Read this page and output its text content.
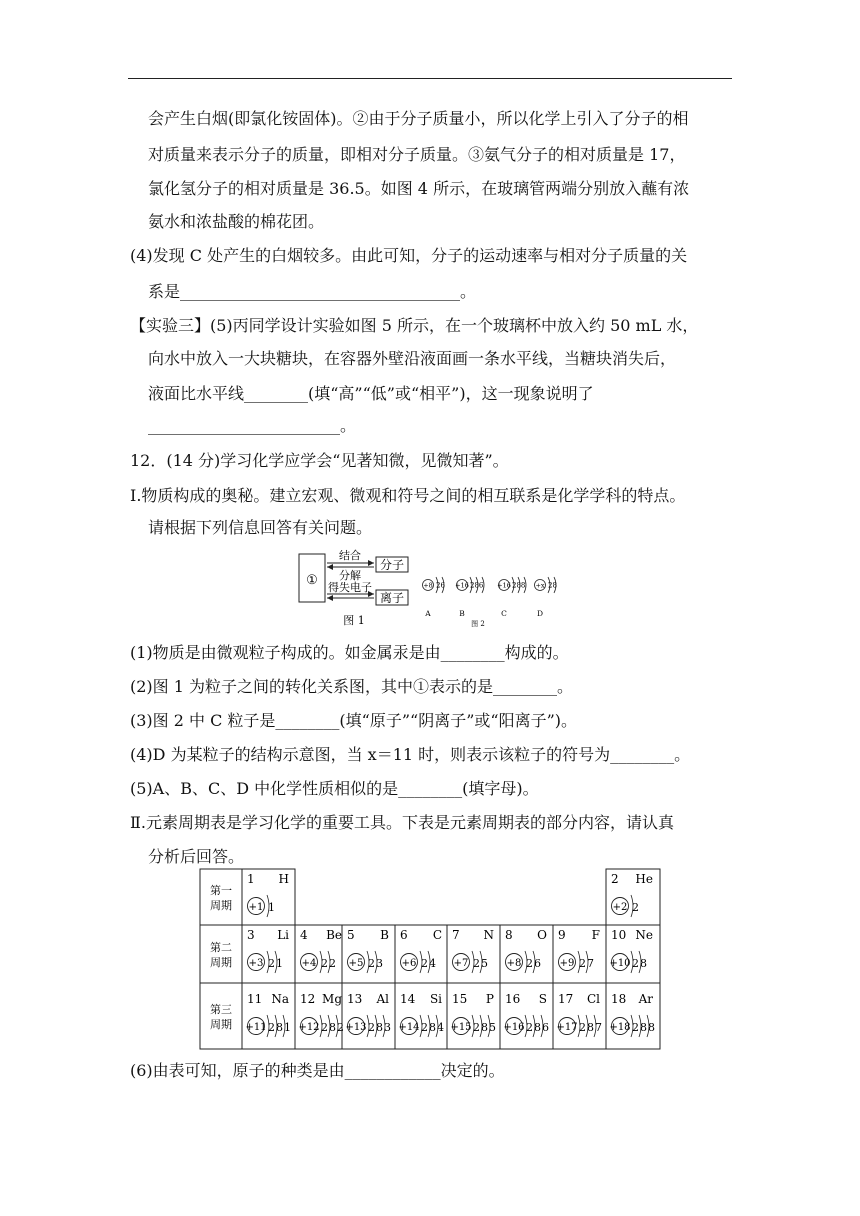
会产生白烟(即氯化铵固体)。②由于分子质量小，所以化学上引入了分子的相
对质量来表示分子的质量，即相对分子质量。③氨气分子的相对质量是 17，
氯化氢分子的相对质量是 36.5。如图 4 所示，在玻璃管两端分别放入蘸有浓
氨水和浓盐酸的棉花团。
(4)发现 C 处产生的白烟较多。由此可知，分子的运动速率与相对分子质量的关
系是___________________________________。
【实验三】(5)丙同学设计实验如图 5 所示，在一个玻璃杯中放入约 50 mL 水，
向水中放入一大块糖块，在容器外壁沿液面画一条水平线，当糖块消失后，
液面比水平线________(填“高”“低”或“相平”)，这一现象说明了
________________________。
12．(14 分)学习化学应学会“见著知微，见微知著”。
Ⅰ.物质构成的奥秘。建立宏观、微观和符号之间的相互联系是化学学科的特点。
请根据下列信息回答有关问题。
①
分子
离子
结合
分解
得失电子
图 1
+8 26
A
+16 286
B
+16 288
C
+x 28
D
图 2
(1)物质是由微观粒子构成的。如金属汞是由________构成的。
(2)图 1 为粒子之间的转化关系图，其中①表示的是________。
(3)图 2 中 C 粒子是________(填“原子”“阴离子”或“阳离子”)。
(4)D 为某粒子的结构示意图，当 x＝11 时，则表示该粒子的符号为________。
(5)A、B、C、D 中化学性质相似的是________(填字母)。
Ⅱ.元素周期表是学习化学的重要工具。下表是元素周期表的部分内容，请认真
分析后回答。
第一
周期
第二
周期
第三
周期
1 H
+1 1
2 He
+2 2
3 Li
+3 21
4 Be
+4 22
5 B
+5 23
6 C
+6 24
7 N
+7 25
8 O
+8 26
9 F
+9 27
10 Ne
+10 28
11 Na
+11 281
12 Mg
+12 282
13 Al
+13 283
14 Si
+14 284
15 P
+15 285
16 S
+16 286
17 Cl
+17 287
18 Ar
+18 288
(6)由表可知，原子的种类是由____________决定的。
